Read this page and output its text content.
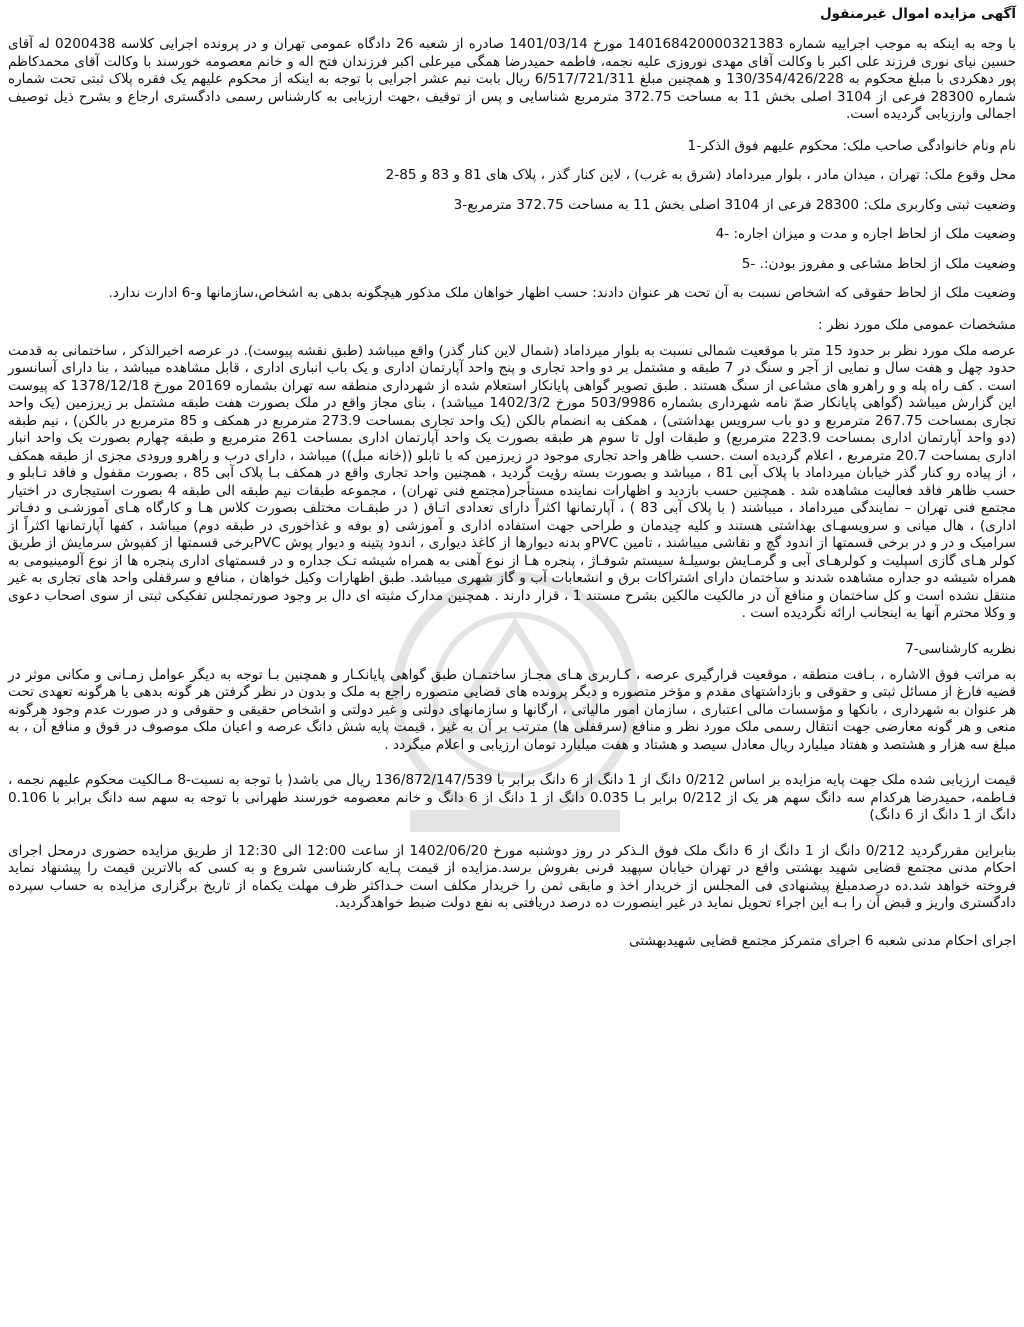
آگهی مزایده اموال غیرمنقول

با وجه به اینکه به موجب اجراییه شماره 140168420000321383 مورخ 1401/03/14 صادره از شعبه 26 دادگاه عمومی تهران و در پرونده اجرایی کلاسه 0200438 له آقای حسین نیای نوری فرزند علی اکبر با وکالت آقای مهدی نوروزی علیه نجمه، فاطمه حمیدرضا همگی میرعلی اکبر فرزندان فتح اله و خانم معصومه خورسند با وکالت آقای محمدکاظم پور دهکردی با مبلغ محکوم به 130/354/426/228 و همچنین مبلغ 6/517/721/311 ریال بابت نیم عشر اجرایی با توجه به اینکه از محکوم علیهم یک فقره پلاک ثبتی تحت شماره شماره 28300 فرعی از 3104 اصلی بخش 11 به مساحت 372.75 مترمربع شناسایی و پس از توقیف ،جهت ارزیابی به کارشناس رسمی دادگستری ارجاع و بشرح ذیل توصیف اجمالی وارزیابی گردیده است.

نام ونام خانوادگی صاحب ملک: محکوم علیهم فوق الذکر-1

محل وقوع ملک: تهران ، میدان مادر ، بلوار میرداماد (شرق به غرب) ، لاین کنار گذر ، پلاک های 81 و 83 و 85-2

وضعیت ثبتی وکاربری ملک: 28300 فرعی از 3104 اصلی بخش 11 به مساحت 372.75 مترمربع-3

وضعیت ملک از لحاظ اجاره و مدت و میزان اجاره: -4

وضعیت ملک از لحاظ مشاعی و مفروز بودن:. -5

وضعیت ملک از لحاظ حقوقی که اشخاص نسبت به آن تحت هر عنوان دادند: حسب اظهار خواهان ملک مذکور هیچگونه بدهی به اشخاص،سازمانها و-6 ادارت ندارد.

مشخصات عمومی ملک مورد نظر :

عرصه ملک مورد نظر بر حدود 15 متر با موقعیت شمالی نسبت به بلوار میرداماد (شمال لاین کنار گذر) واقع میباشد (طبق نقشه پیوست). در عرصه اخیرالذکر ، ساختمانی به قدمت حدود چهل و هفت سال و نمایی از آجر و سنگ در 7 طبقه و مشتمل بر دو واحد تجاری و پنج واحد آپارتمان اداری و یک باب انباری اداری ، قابل مشاهده میباشد ، بنا دارای آسانسور است . کف راه پله و و راهرو های مشاعی از سنگ هستند . طبق تصویر گواهی پایانکار استعلام شده از شهرداری منطقه سه تهران بشماره 20169 مورخ 1378/12/18 که پیوست این گزارش میباشد (گواهی پایانکار ضمّ نامه شهرداری بشماره 503/9986 مورخ 1402/3/2 میباشد) ، بنای مجاز واقع در ملک بصورت هفت طبقه مشتمل بر زیرزمین (یک واحد تجاری بمساحت 267.75 مترمربع و دو باب سرویس بهداشتی) ، همکف به انضمام بالکن (یک واحد تجاری بمساحت 273.9 مترمربع در همکف و 85 مترمربع در بالکن) ، نیم طبقه (دو واحد آپارتمان اداری بمساحت 223.9 مترمربع) و طبقات اول تا سوم هر طبقه بصورت یک واحد آپارتمان اداری بمساحت 261 مترمربع و طبقه چهارم بصورت یک واحد انبار اداری بمساحت 20.7 مترمربع ، اعلام گردیده است .حسب ظاهر واحد تجاری موجود در زیرزمین که با تابلو ((خانه مبل)) میباشد ، دارای درب و راهرو ورودی مجزی از طبقه همکف ، از پیاده رو کنار گذر خیابان میرداماد با پلاک آبی 81 ، میباشد و بصورت بسته رؤیت گردید ، همچنین واحد تجاری واقع در همکف بـا پلاک آبی 85 ، بصورت مقفول و فاقد تـابلو و حسب ظاهر فاقد فعالیت مشاهده شد . همچنین حسب بازدید و اظهارات نماینده مستأجر(مجتمع فنی تهران) ، مجموعه طبقات نیم طبقه الی طبقه 4 بصورت استیجاری در اختیار مجتمع فنی تهران – نمایندگی میرداماد ، میباشند ( با پلاک آبی 83 ) ، آپارتمانها اکثراً دارای تعدادی اتـاق ( در طبقـات مختلف بصورت کلاس هـا و کارگاه هـای آموزشـی و دفـاتر اداری) ، هال میانی و سرویسهـای بهداشتی هستند و کلیه چیدمان و طراحی جهت استفاده اداری و آموزشی (و بوفه و غذاخوری در طبقه دوم) میباشد ، کفها آپارتمانها اکثراً از سرامیک و در و در برخی قسمتها از اندود گچ و نقاشی میباشند ، تامین PVCو بدنه دیوارها از کاغذ دیواری ، اندود پتینه و دیوار پوش PVCبرخی قسمتها از کفپوش سرمایش از طریق کولر هـای گازی اسپلیت و کولرهـای آبی و گرمـایش بوسیلـۀ سیستم شوفـاژ ، پنجره هـا از نوع آهنی به همراه شیشه تـک جداره و در قسمتهای اداری پنجره ها از نوع آلومینیومی به همراه شیشه دو جداره مشاهده شدند و ساختمان دارای اشتراکات برق و انشعابات آب و گاز شهری میباشد. طبق اظهارات وکیل خواهان ، منافع و سرقفلی واحد های تجاری به غیر منتقل نشده است و کل ساختمان و منافع آن در مالکیت مالکین بشرح مستند 1 ، قرار دارند . همچنین مدارک مثبته ای دال بر وجود صورتمجلس تفکیکی ثبتی از سوی اصحاب دعوی و وکلا محترم آنها به اینجانب ارائه نگردیده است .

نظریه کارشناسی-7

به مراتب فوق الاشاره ، بـافت منطقه ، موقعیت قرارگیری عرصه ، کـاربری هـای مجـاز ساختمـان طبق گواهی پایانکـار و همچنین بـا توجه به دیگر عوامل زمـانی و مکانی موثر در قضیه فارغ از مسائل ثبتی و حقوقی و بازداشتهای مقدم و مؤخر متصوره و دیگر پرونده های قضایی متصوره راجع به ملک و بدون در نظر گرفتن هر گونه بدهی یا هرگونه تعهدی تحت هر عنوان به شهرداری ، بانکها و مؤسسات مالی اعتباری ، سازمان امور مالیاتی ، ارگانها و سازمانهای دولتی و غیر دولتی و اشخاص حقیقی و حقوقی و در صورت عدم وجود هرگونه منعی و هر گونه معارضی جهت انتقال رسمی ملک مورد نظر و منافع (سرقفلی ها) مترتب بر آن به غیر ، قیمت پایه شش دانگ عرصه و اعیان ملک موصوف در فوق و منافع آن ، به مبلغ سه هزار و هشتصد و هفتاد میلیارد ریال معادل سیصد و هشتاد و هفت میلیارد تومان ارزیابی و اعلام میگردد .

قیمت ارزیابی شده ملک جهت پایه مزایده بر اساس 0/212 دانگ از 1 دانگ از 6 دانگ برابر با 136/872/147/539 ریال می باشد( با توجه به نسبت-8 مـالکیت محکوم علیهم نجمه ، فـاطمه، حمیدرضا هرکدام سه دانگ سهم هر یک از 0/212 برابر بـا 0.035 دانگ از 1 دانگ از 6 دانگ و خانم معصومه خورسند طهرانی با توجه به سهم سه دانگ برابر با 0.106 دانگ از 1 دانگ از 6 دانگ)

بنابراین مقررگردید 0/212 دانگ از 1 دانگ از 6 دانگ ملک فوق الـذکر در روز دوشنبه مورخ 1402/06/20 از ساعت 12:00 الی 12:30 از طریق مزایده حضوری درمحل اجرای احکام مدنی مجتمع قضایی شهید بهشتی واقع در تهران خیابان سپهبد قرنی بفروش برسد.مزایده از قیمت پـایه کارشناسی شروع و به کسی که بالاترین قیمت را پیشنهاد نماید فروخته خواهد شد.ده درصدمبلغ پیشنهادی فی المجلس از خریدار اخذ و مابقی ثمن را خریدار مکلف است حـداکثر ظرف مهلت یکماه از تاریخ برگزاری مزایده به حساب سپرده دادگستری واریز و قبض آن را بـه این اجراء تحویل نماید در غیر اینصورت ده درصد دریافتی به نفع دولت ضبط خواهدگردید.

اجرای احکام مدنی شعبه 6 اجرای متمرکز مجتمع قضایی شهیدبهشتی
